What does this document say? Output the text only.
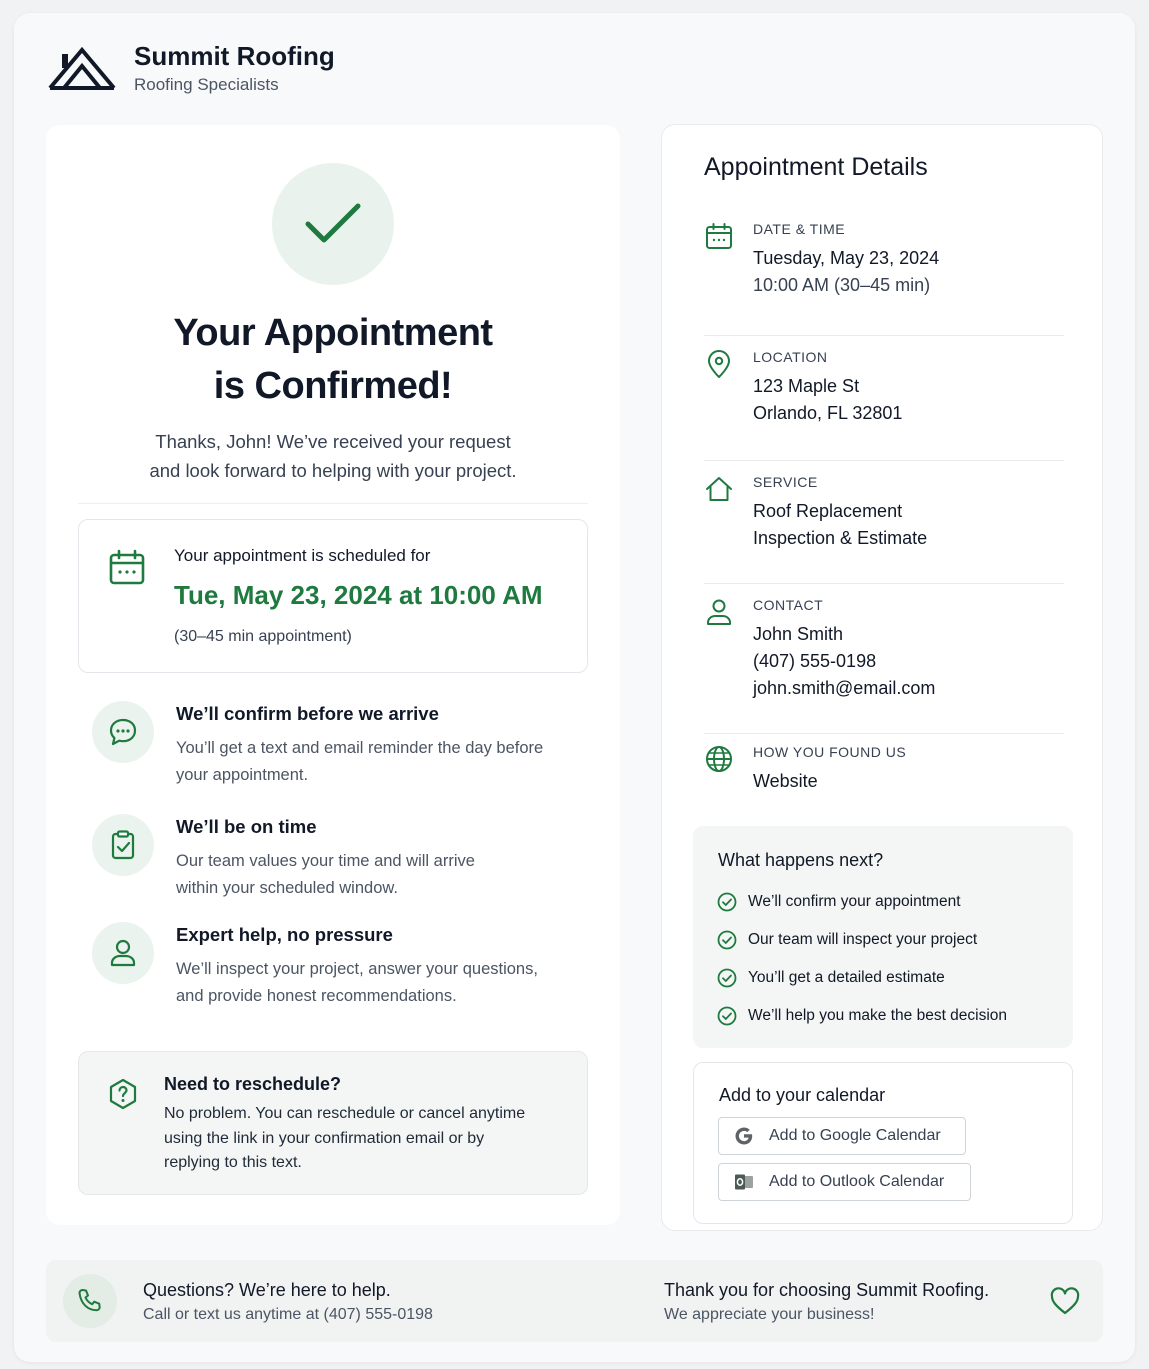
Summit Roofing
Roofing Specialists
Your Appointment
is Confirmed!
Thanks, John! We’ve received your request
and look forward to helping with your project.
Your appointment is scheduled for
Tue, May 23, 2024 at 10:00 AM
(30–45 min appointment)
We’ll confirm before we arrive
You’ll get a text and email reminder the day before
your appointment.
We’ll be on time
Our team values your time and will arrive
within your scheduled window.
Expert help, no pressure
We’ll inspect your project, answer your questions,
and provide honest recommendations.
Need to reschedule?
No problem. You can reschedule or cancel anytime
using the link in your confirmation email or by
replying to this text.
Appointment Details
DATE & TIME
Tuesday, May 23, 2024
10:00 AM (30–45 min)
LOCATION
123 Maple St
Orlando, FL 32801
SERVICE
Roof Replacement
Inspection & Estimate
CONTACT
John Smith
(407) 555-0198
john.smith@email.com
HOW YOU FOUND US
Website
What happens next?
We’ll confirm your appointment
Our team will inspect your project
You’ll get a detailed estimate
We’ll help you make the best decision
Add to your calendar
Add to Google Calendar
Add to Outlook Calendar
Questions? We’re here to help.
Call or text us anytime at (407) 555-0198
Thank you for choosing Summit Roofing.
We appreciate your business!
